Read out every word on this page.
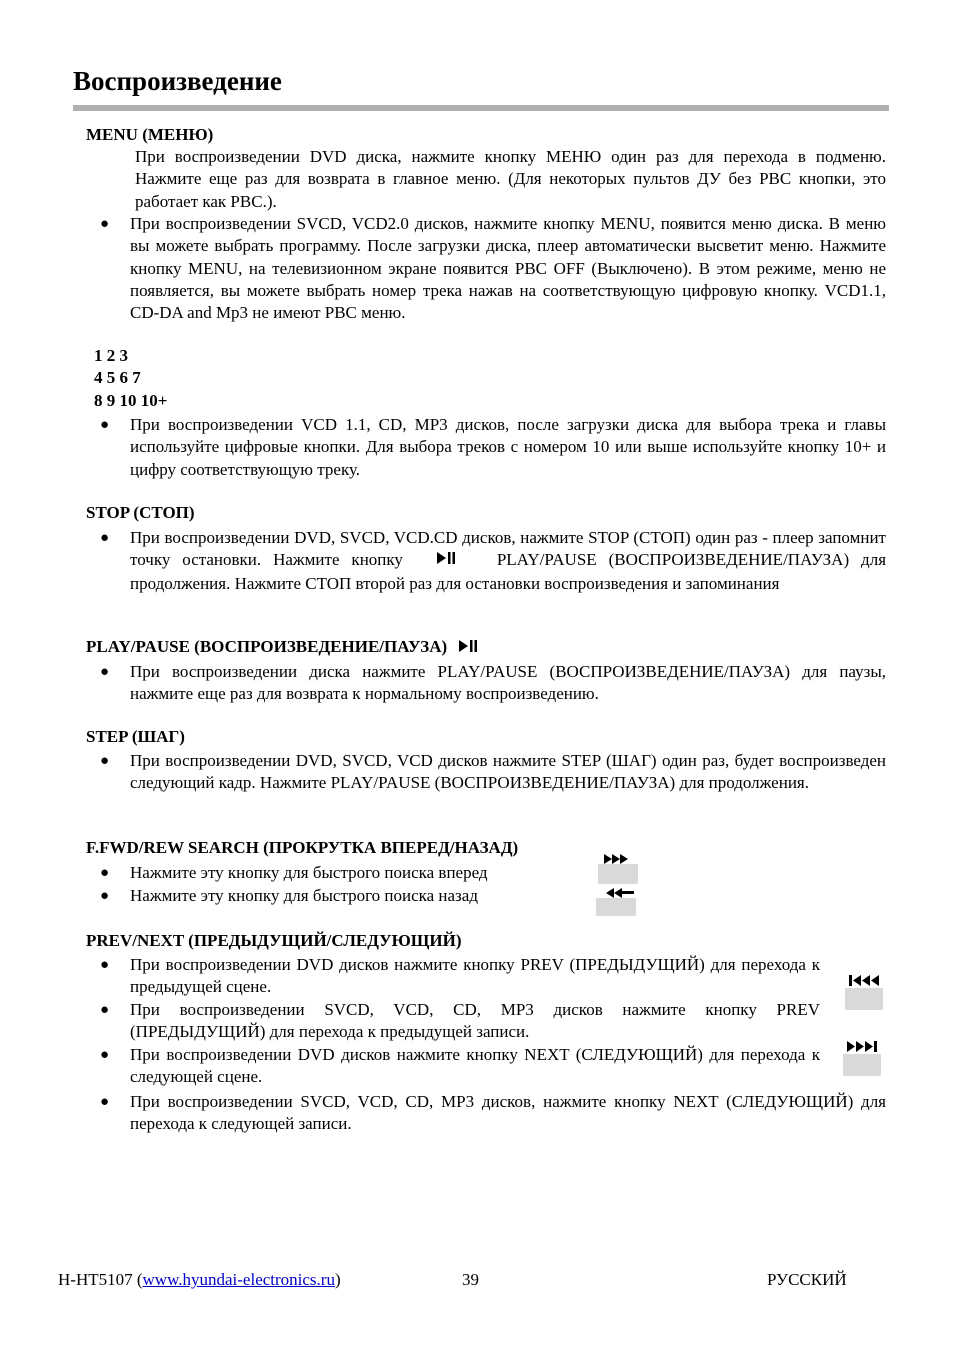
Воспроизведение
MENU (МЕНЮ)
При воспроизведении DVD диска, нажмите кнопку МЕНЮ один раз для перехода в подменю. Нажмите еще раз для возврата в главное меню. (Для некоторых пультов ДУ без PBC кнопки, это работает как PBC.).
● При воспроизведении SVCD, VCD2.0 дисков, нажмите кнопку MENU, появится меню диска. В меню вы можете выбрать программу. После загрузки диска, плеер автоматически высветит меню. Нажмите кнопку MENU, на телевизионном экране появится PBC OFF (Выключено). В этом режиме, меню не появляется, вы можете выбрать номер трека нажав на соответствующую цифровую кнопку. VCD1.1, CD-DA and Mp3 не имеют PBC меню.
1 2 3
4 5 6 7
8 9 10 10+
● При воспроизведении VCD 1.1, CD, MP3 дисков, после загрузки диска для выбора трека и главы используйте цифровые кнопки. Для выбора треков с номером 10 или выше используйте кнопку 10+ и цифру соответствующую треку.
STOP (СТОП)
● При воспроизведении DVD, SVCD, VCD.CD дисков, нажмите STOP (СТОП) один раз - плеер запомнит точку остановки. Нажмите кнопку	PLAY/PAUSE (ВОСПРОИЗВЕДЕНИЕ/ПАУЗА) для продолжения. Нажмите СТОП второй раз для остановки воспроизведения и запоминания
PLAY/PAUSE (ВОСПРОИЗВЕДЕНИЕ/ПАУЗА)
● При воспроизведении диска нажмите PLAY/PAUSE (ВОСПРОИЗВЕДЕНИЕ/ПАУЗА) для паузы, нажмите еще раз для возврата к нормальному воспроизведению.
STEP (ШАГ)
● При воспроизведении DVD, SVCD, VCD дисков нажмите STEP (ШАГ) один раз, будет воспроизведен следующий кадр. Нажмите PLAY/PAUSE (ВОСПРОИЗВЕДЕНИЕ/ПАУЗА) для продолжения.
F.FWD/REW SEARCH (ПРОКРУТКА ВПЕРЕД/НАЗАД)
● Нажмите эту кнопку для быстрого поиска вперед
● Нажмите эту кнопку для быстрого поиска назад
PREV/NEXT (ПРЕДЫДУЩИЙ/СЛЕДУЮЩИЙ)
● При воспроизведении DVD дисков нажмите кнопку PREV (ПРЕДЫДУЩИЙ) для перехода к предыдущей сцене.
● При воспроизведении SVCD, VCD, CD, MP3 дисков нажмите кнопку PREV (ПРЕДЫДУЩИЙ) для перехода к предыдущей записи.
● При воспроизведении DVD дисков нажмите кнопку NEXT (СЛЕДУЮЩИЙ) для перехода к следующей сцене.
● При воспроизведении SVCD, VCD, CD, MP3 дисков, нажмите кнопку NEXT (СЛЕДУЮЩИЙ) для перехода к следующей записи.
H-HT5107 (www.hyundai-electronics.ru)	39	РУССКИЙ
